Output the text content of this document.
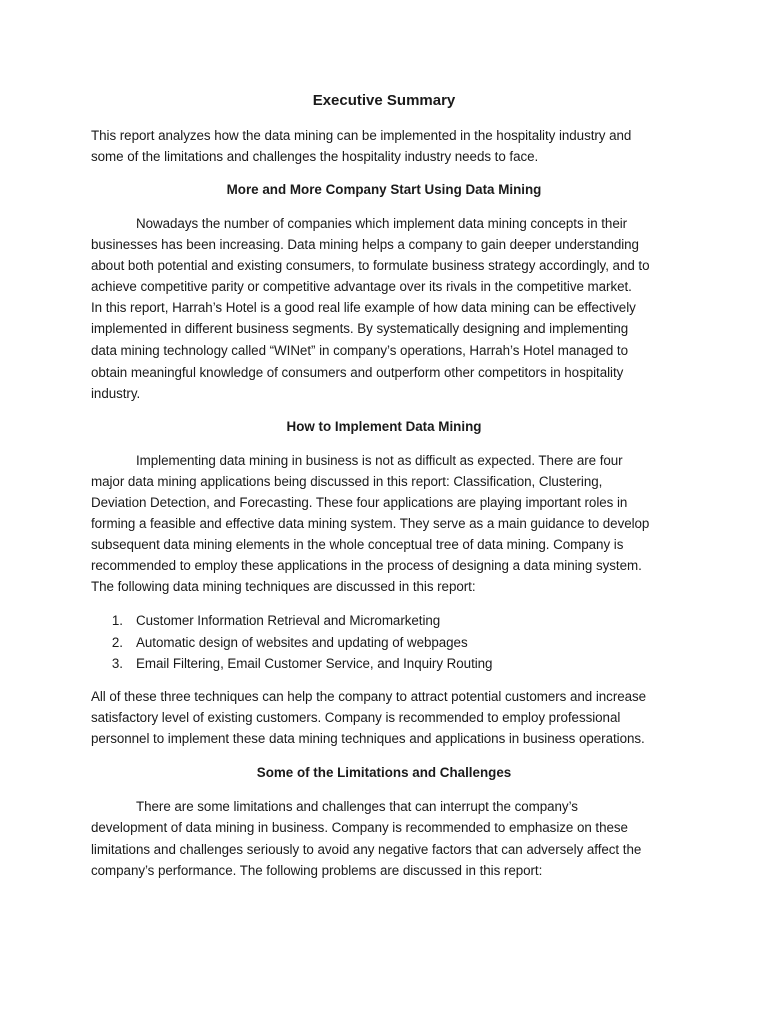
Executive Summary
This report analyzes how the data mining can be implemented in the hospitality industry and
some of the limitations and challenges the hospitality industry needs to face.
More and More Company Start Using Data Mining
Nowadays the number of companies which implement data mining concepts in their
businesses has been increasing. Data mining helps a company to gain deeper understanding
about both potential and existing consumers, to formulate business strategy accordingly, and to
achieve competitive parity or competitive advantage over its rivals in the competitive market.
In this report, Harrah’s Hotel is a good real life example of how data mining can be effectively
implemented in different business segments. By systematically designing and implementing
data mining technology called “WINet” in company’s operations, Harrah’s Hotel managed to
obtain meaningful knowledge of consumers and outperform other competitors in hospitality
industry.
How to Implement Data Mining
Implementing data mining in business is not as difficult as expected. There are four
major data mining applications being discussed in this report: Classification, Clustering,
Deviation Detection, and Forecasting. These four applications are playing important roles in
forming a feasible and effective data mining system. They serve as a main guidance to develop
subsequent data mining elements in the whole conceptual tree of data mining. Company is
recommended to employ these applications in the process of designing a data mining system.
The following data mining techniques are discussed in this report:
1. Customer Information Retrieval and Micromarketing
2. Automatic design of websites and updating of webpages
3. Email Filtering, Email Customer Service, and Inquiry Routing
All of these three techniques can help the company to attract potential customers and increase
satisfactory level of existing customers. Company is recommended to employ professional
personnel to implement these data mining techniques and applications in business operations.
Some of the Limitations and Challenges
There are some limitations and challenges that can interrupt the company’s
development of data mining in business. Company is recommended to emphasize on these
limitations and challenges seriously to avoid any negative factors that can adversely affect the
company’s performance. The following problems are discussed in this report:
